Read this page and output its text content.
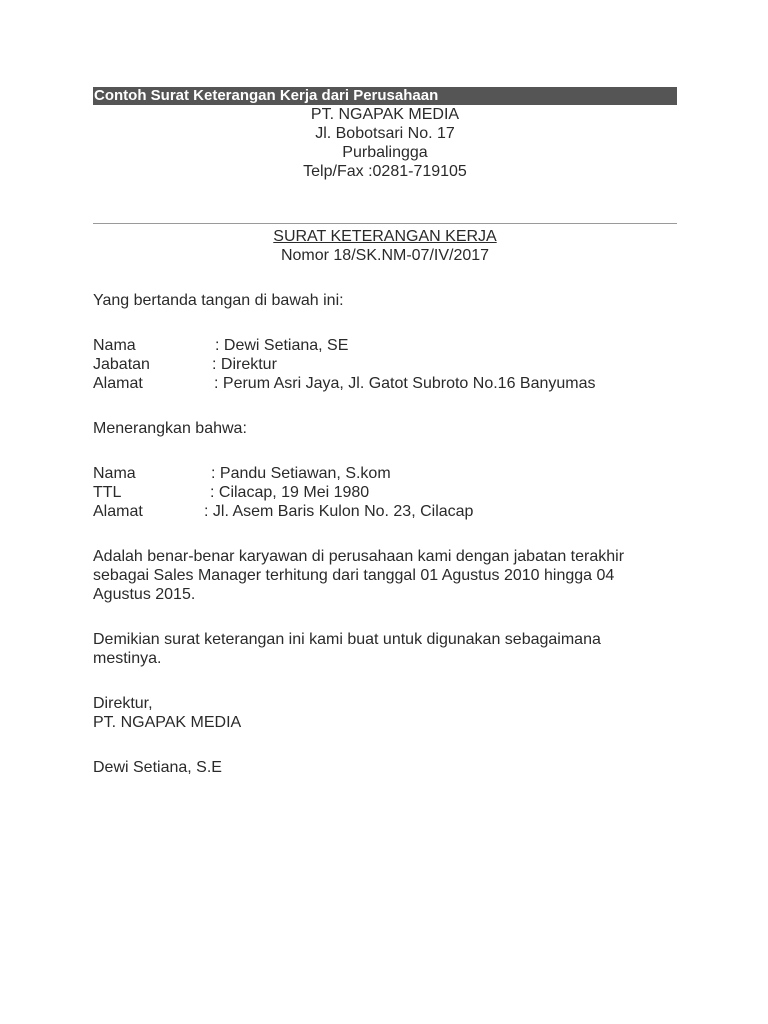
Contoh Surat Keterangan Kerja dari Perusahaan
PT. NGAPAK MEDIA
Jl. Bobotsari No. 17
Purbalingga
Telp/Fax :0281-719105
SURAT KETERANGAN KERJA
Nomor 18/SK.NM-07/IV/2017
Yang bertanda tangan di bawah ini:
Nama	: Dewi Setiana, SE
Jabatan	: Direktur
Alamat	: Perum Asri Jaya, Jl. Gatot Subroto No.16 Banyumas
Menerangkan bahwa:
Nama	: Pandu Setiawan, S.kom
TTL	: Cilacap, 19 Mei 1980
Alamat	: Jl. Asem Baris Kulon No. 23, Cilacap
Adalah benar-benar karyawan di perusahaan kami dengan jabatan terakhir
sebagai Sales Manager terhitung dari tanggal 01 Agustus 2010 hingga 04
Agustus 2015.
Demikian surat keterangan ini kami buat untuk digunakan sebagaimana
mestinya.
Direktur,
PT. NGAPAK MEDIA
Dewi Setiana, S.E
